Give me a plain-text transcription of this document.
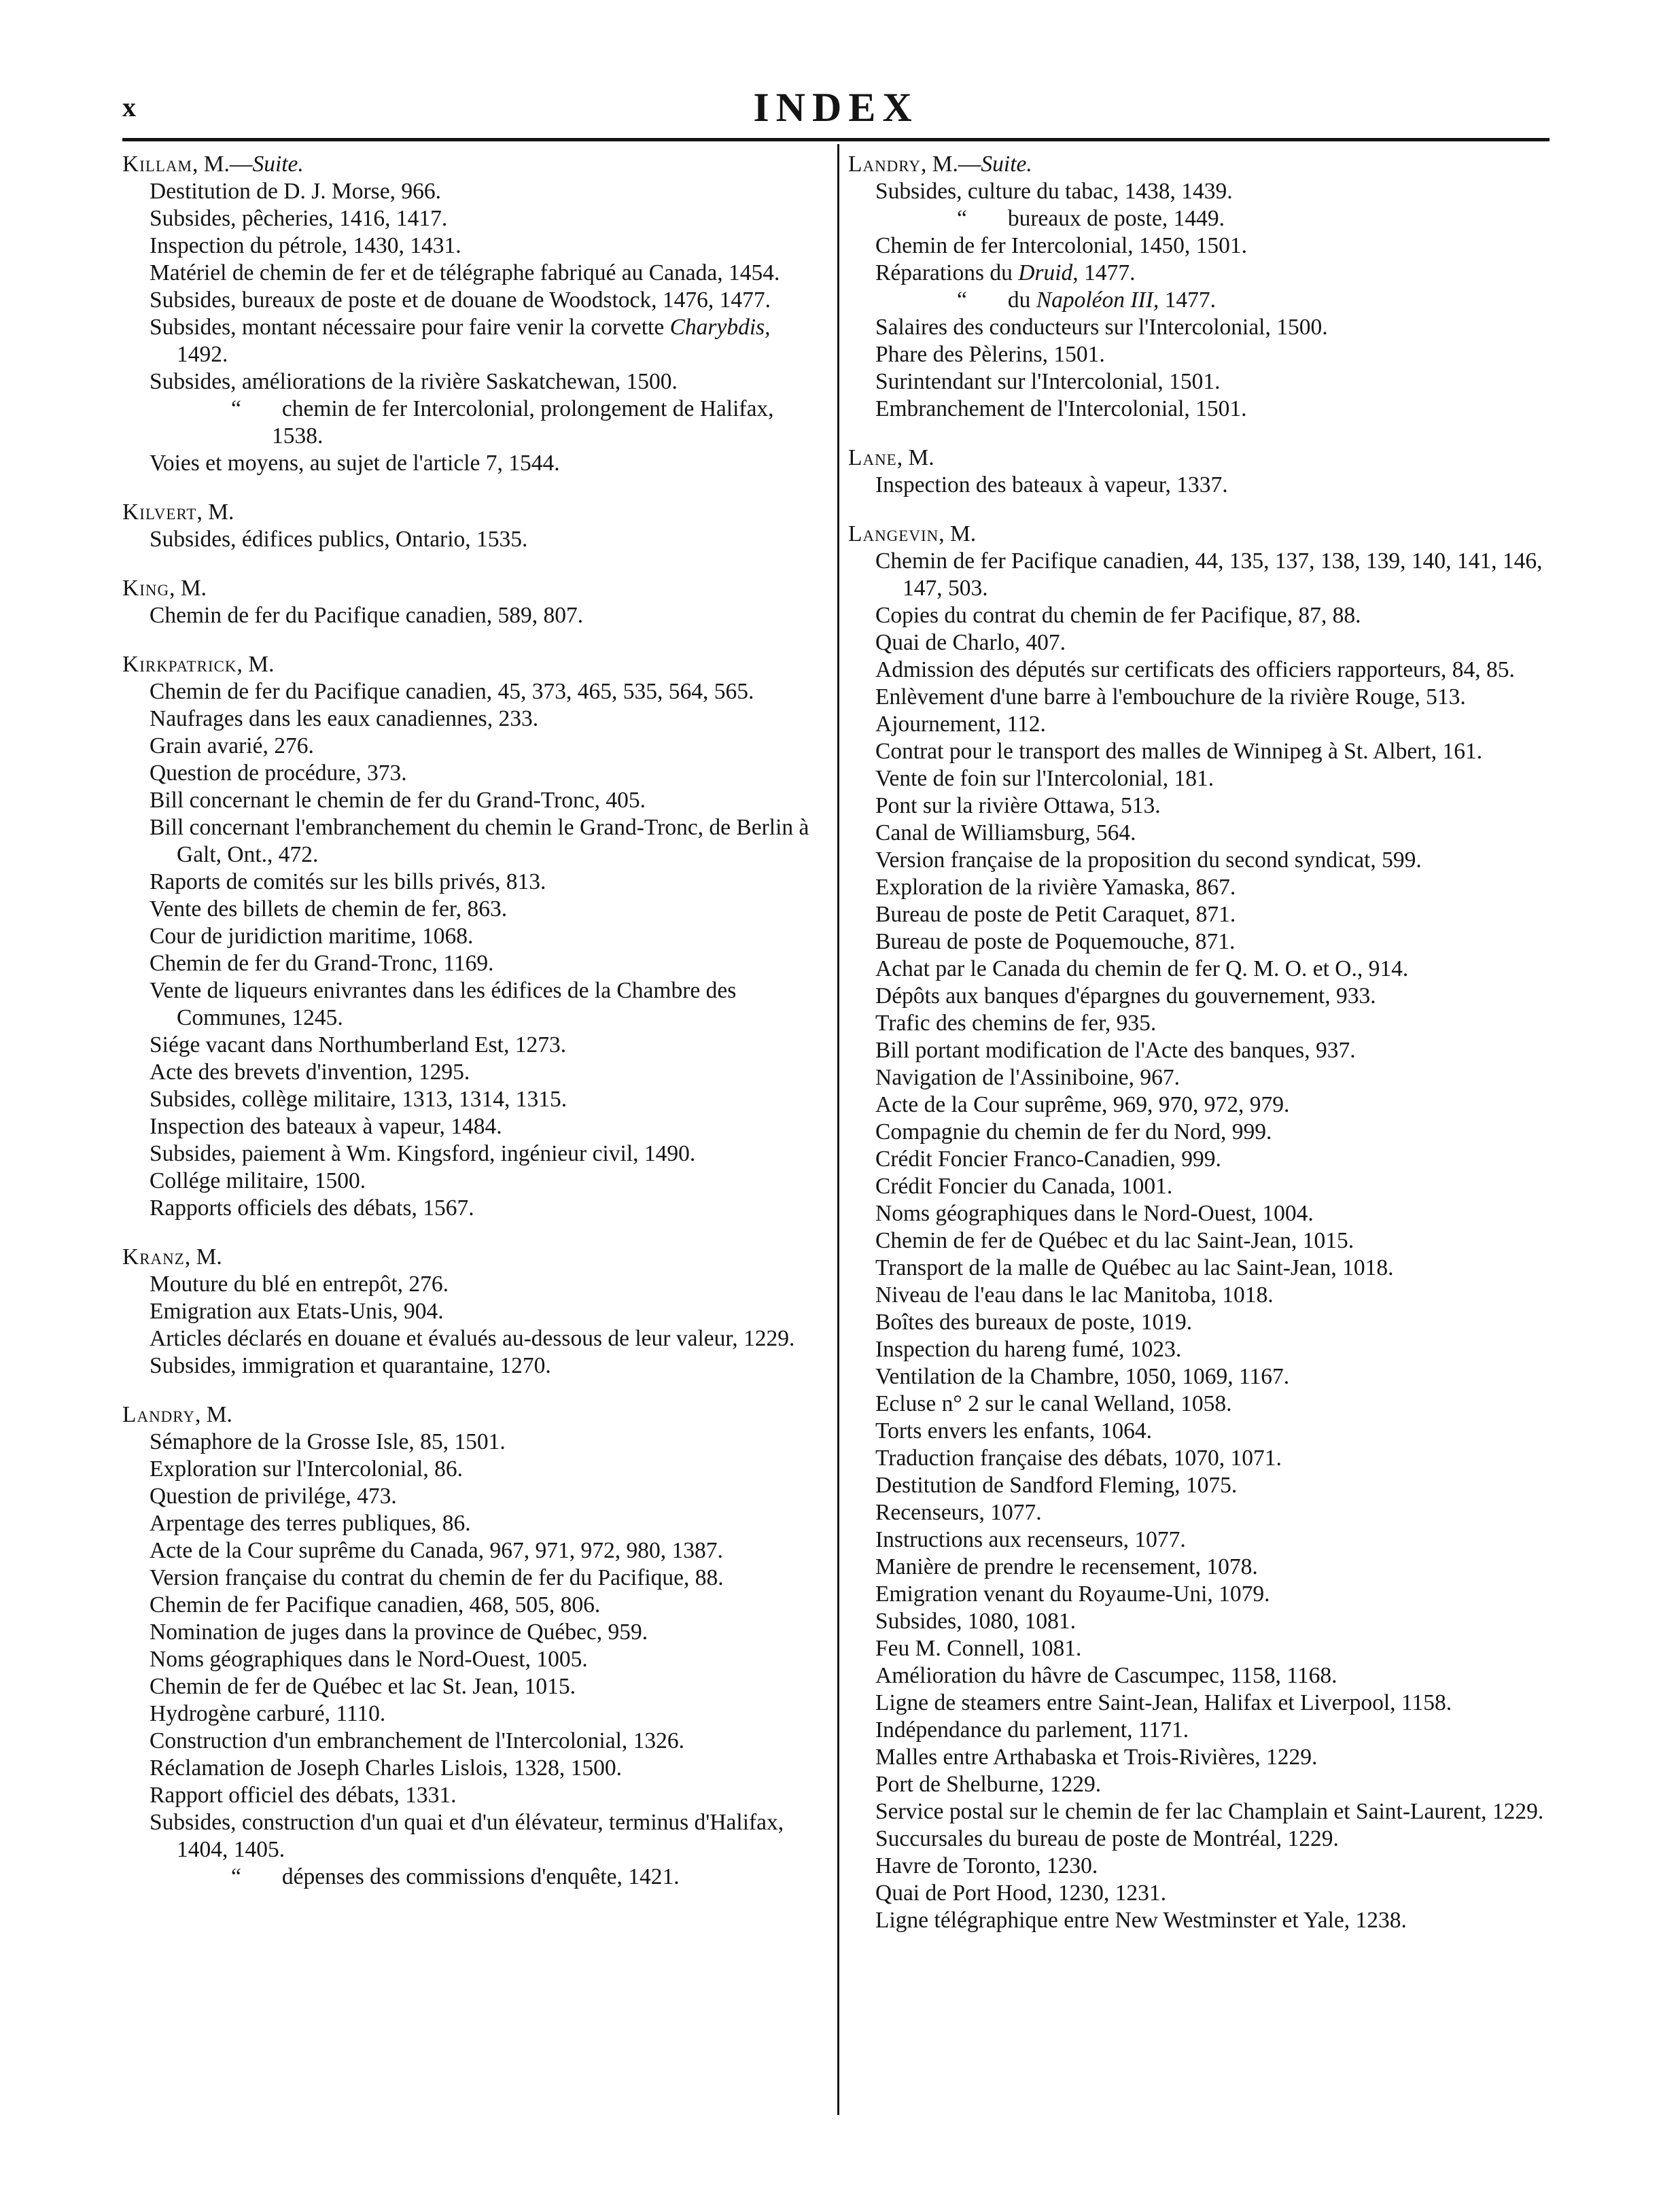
x	INDEX
Killam, M.—Suite.
Destitution de D. J. Morse, 966.
Subsides, pêcheries, 1416, 1417.
Inspection du pétrole, 1430, 1431.
Matériel de chemin de fer et de télégraphe fabriqué au Canada, 1454.
Subsides, bureaux de poste et de douane de Woodstock, 1476, 1477.
Subsides, montant nécessaire pour faire venir la corvette Charybdis, 1492.
Subsides, améliorations de la rivière Saskatchewan, 1500.
“ chemin de fer Intercolonial, prolongement de Halifax, 1538.
Voies et moyens, au sujet de l'article 7, 1544.
Kilvert, M.
Subsides, édifices publics, Ontario, 1535.
King, M.
Chemin de fer du Pacifique canadien, 589, 807.
Kirkpatrick, M.
Chemin de fer du Pacifique canadien, 45, 373, 465, 535, 564, 565.
Naufrages dans les eaux canadiennes, 233.
Grain avarié, 276.
Question de procédure, 373.
Bill concernant le chemin de fer du Grand-Tronc, 405.
Bill concernant l'embranchement du chemin le Grand-Tronc, de Berlin à Galt, Ont., 472.
Raports de comités sur les bills privés, 813.
Vente des billets de chemin de fer, 863.
Cour de juridiction maritime, 1068.
Chemin de fer du Grand-Tronc, 1169.
Vente de liqueurs enivrantes dans les édifices de la Chambre des Communes, 1245.
Siége vacant dans Northumberland Est, 1273.
Acte des brevets d'invention, 1295.
Subsides, collège militaire, 1313, 1314, 1315.
Inspection des bateaux à vapeur, 1484.
Subsides, paiement à Wm. Kingsford, ingénieur civil, 1490.
Collége militaire, 1500.
Rapports officiels des débats, 1567.
Kranz, M.
Mouture du blé en entrepôt, 276.
Emigration aux Etats-Unis, 904.
Articles déclarés en douane et évalués au-dessous de leur valeur, 1229.
Subsides, immigration et quarantaine, 1270.
Landry, M.
Sémaphore de la Grosse Isle, 85, 1501.
Exploration sur l'Intercolonial, 86.
Question de privilége, 473.
Arpentage des terres publiques, 86.
Acte de la Cour suprême du Canada, 967, 971, 972, 980, 1387.
Version française du contrat du chemin de fer du Pacifique, 88.
Chemin de fer Pacifique canadien, 468, 505, 806.
Nomination de juges dans la province de Québec, 959.
Noms géographiques dans le Nord-Ouest, 1005.
Chemin de fer de Québec et lac St. Jean, 1015.
Hydrogène carburé, 1110.
Construction d'un embranchement de l'Intercolonial, 1326.
Réclamation de Joseph Charles Lislois, 1328, 1500.
Rapport officiel des débats, 1331.
Subsides, construction d'un quai et d'un élévateur, terminus d'Halifax, 1404, 1405.
“ dépenses des commissions d'enquête, 1421.
Landry, M.—Suite.
Subsides, culture du tabac, 1438, 1439.
“ bureaux de poste, 1449.
Chemin de fer Intercolonial, 1450, 1501.
Réparations du Druid, 1477.
“ du Napoléon III, 1477.
Salaires des conducteurs sur l'Intercolonial, 1500.
Phare des Pèlerins, 1501.
Surintendant sur l'Intercolonial, 1501.
Embranchement de l'Intercolonial, 1501.
Lane, M.
Inspection des bateaux à vapeur, 1337.
Langevin, M.
Chemin de fer Pacifique canadien, 44, 135, 137, 138, 139, 140, 141, 146, 147, 503.
Copies du contrat du chemin de fer Pacifique, 87, 88.
Quai de Charlo, 407.
Admission des députés sur certificats des officiers rapporteurs, 84, 85.
Enlèvement d'une barre à l'embouchure de la rivière Rouge, 513.
Ajournement, 112.
Contrat pour le transport des malles de Winnipeg à St. Albert, 161.
Vente de foin sur l'Intercolonial, 181.
Pont sur la rivière Ottawa, 513.
Canal de Williamsburg, 564.
Version française de la proposition du second syndicat, 599.
Exploration de la rivière Yamaska, 867.
Bureau de poste de Petit Caraquet, 871.
Bureau de poste de Poquemouche, 871.
Achat par le Canada du chemin de fer Q. M. O. et O., 914.
Dépôts aux banques d'épargnes du gouvernement, 933.
Trafic des chemins de fer, 935.
Bill portant modification de l'Acte des banques, 937.
Navigation de l'Assiniboine, 967.
Acte de la Cour suprême, 969, 970, 972, 979.
Compagnie du chemin de fer du Nord, 999.
Crédit Foncier Franco-Canadien, 999.
Crédit Foncier du Canada, 1001.
Noms géographiques dans le Nord-Ouest, 1004.
Chemin de fer de Québec et du lac Saint-Jean, 1015.
Transport de la malle de Québec au lac Saint-Jean, 1018.
Niveau de l'eau dans le lac Manitoba, 1018.
Boîtes des bureaux de poste, 1019.
Inspection du hareng fumé, 1023.
Ventilation de la Chambre, 1050, 1069, 1167.
Ecluse n° 2 sur le canal Welland, 1058.
Torts envers les enfants, 1064.
Traduction française des débats, 1070, 1071.
Destitution de Sandford Fleming, 1075.
Recenseurs, 1077.
Instructions aux recenseurs, 1077.
Manière de prendre le recensement, 1078.
Emigration venant du Royaume-Uni, 1079.
Subsides, 1080, 1081.
Feu M. Connell, 1081.
Amélioration du hâvre de Cascumpec, 1158, 1168.
Ligne de steamers entre Saint-Jean, Halifax et Liverpool, 1158.
Indépendance du parlement, 1171.
Malles entre Arthabaska et Trois-Rivières, 1229.
Port de Shelburne, 1229.
Service postal sur le chemin de fer lac Champlain et Saint-Laurent, 1229.
Succursales du bureau de poste de Montréal, 1229.
Havre de Toronto, 1230.
Quai de Port Hood, 1230, 1231.
Ligne télégraphique entre New Westminster et Yale, 1238.
